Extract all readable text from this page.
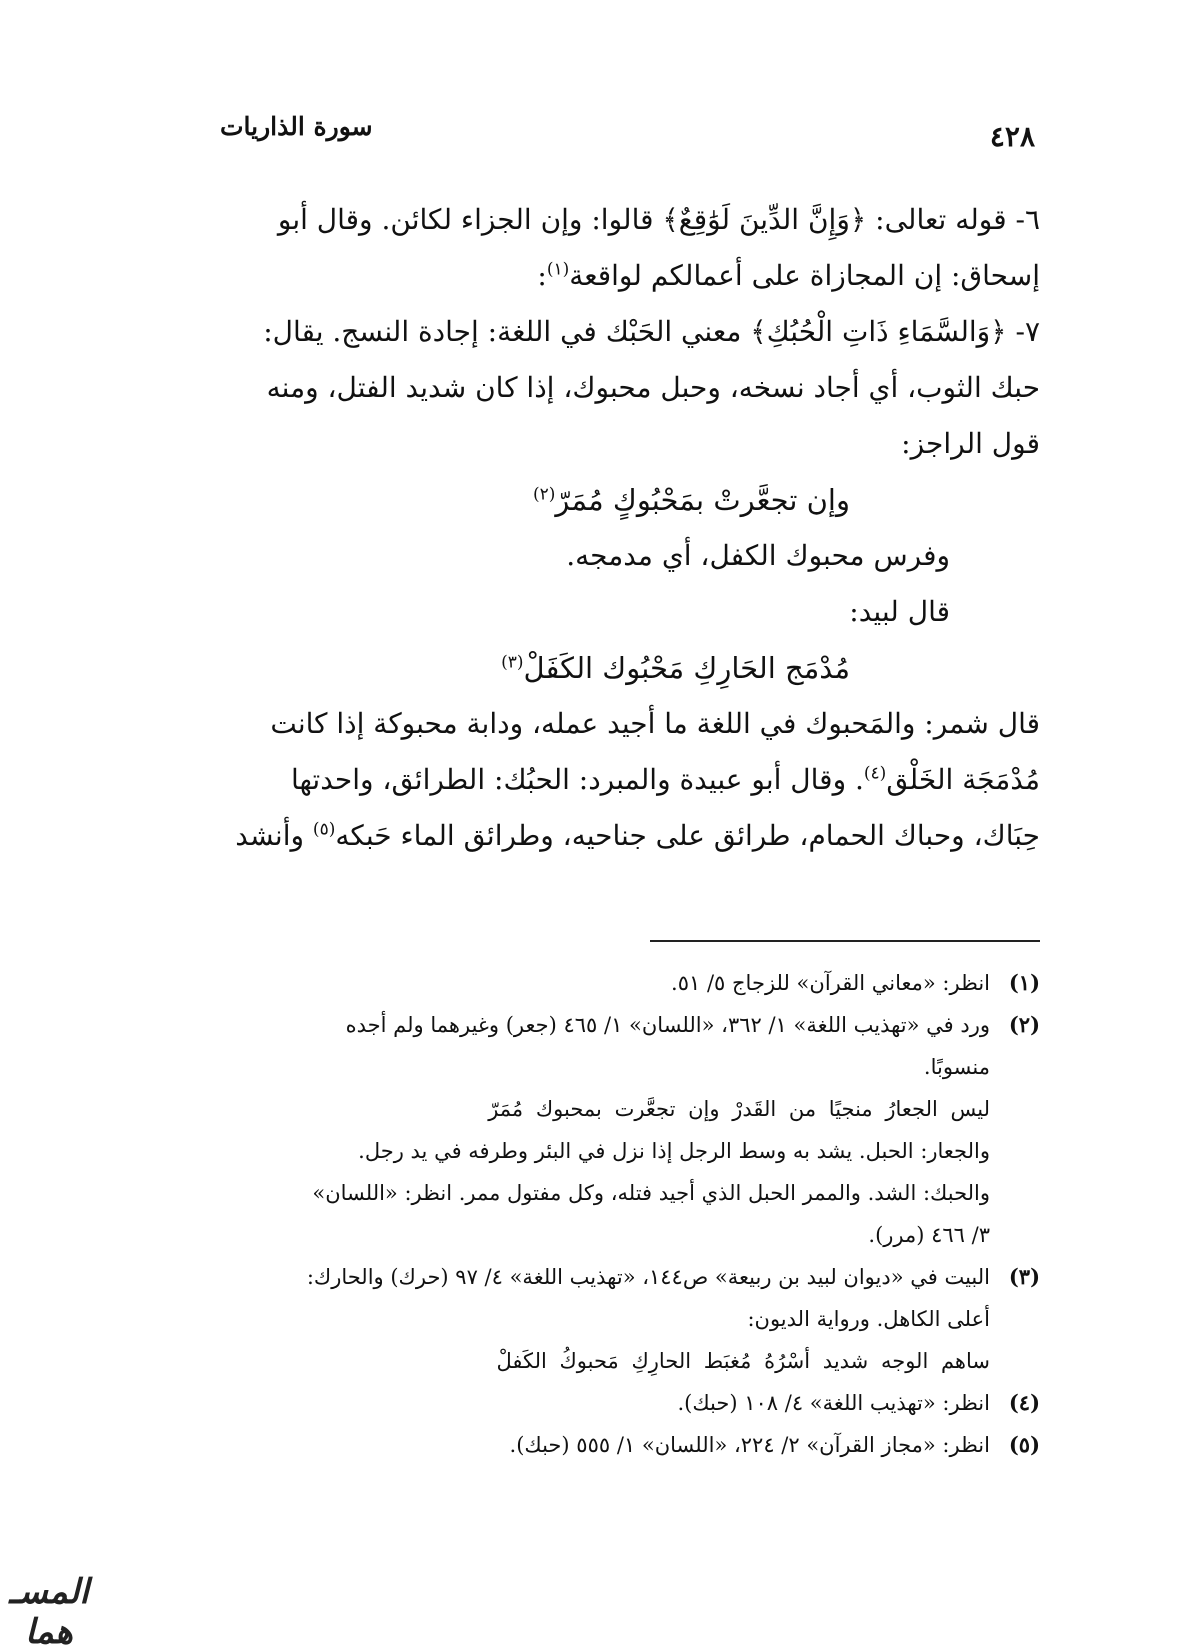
٤٢٨
سورة الذاريات

٦- قوله تعالى: ﴿وَإِنَّ الدِّينَ لَوَٰقِعٌ﴾ قالوا: وإن الجزاء لكائن. وقال أبو

إسحاق: إن المجازاة على أعمالكم لواقعة$^{(١)}$:

٧- ﴿وَالسَّمَاءِ ذَاتِ الْحُبُكِ﴾ معني الحَبْك في اللغة: إجادة النسج. يقال:

حبك الثوب، أي أجاد نسخه، وحبل محبوك، إذا كان شديد الفتل، ومنه

قول الراجز:

وإن تجعَّرتْ بمَحْبُوكٍ مُمَرّ$^{(٢)}$

وفرس محبوك الكفل، أي مدمجه.

قال لبيد:

مُدْمَج الحَارِكِ مَحْبُوك الكَفَلْ$^{(٣)}$

قال شمر: والمَحبوك في اللغة ما أجيد عمله، ودابة محبوكة إذا كانت

مُدْمَجَة الخَلْق$^{(٤)}$. وقال أبو عبيدة والمبرد: الحبُك: الطرائق، واحدتها

حِبَاك، وحباك الحمام، طرائق على جناحيه، وطرائق الماء حَبكه$^{(٥)}$ وأنشد

(١)
انظر: «معاني القرآن» للزجاج ٥/ ٥١.
(٢)
ورد في «تهذيب اللغة» ١/ ٣٦٢، «اللسان» ١/ ٤٦٥ (جعر) وغيرهما ولم أجده
منسوبًا.
ليس الجعارُ منجيًا من القَدرْ وإن تجعَّرت بمحبوك مُمَرّ
والجعار: الحبل. يشد به وسط الرجل إذا نزل في البئر وطرفه في يد رجل.
والحبك: الشد. والممر الحبل الذي أجيد فتله، وكل مفتول ممر. انظر: «اللسان»
٣/ ٤٦٦ (مرر).
(٣)
البيت في «ديوان لبيد بن ربيعة» ص١٤٤، «تهذيب اللغة» ٤/ ٩٧ (حرك) والحارك:
أعلى الكاهل. ورواية الديون:
ساهم الوجه شديد أسْرُهُ مُغبَط الحارِكِ مَحبوكُ الكَفلْ
(٤)
انظر: «تهذيب اللغة» ٤/ ١٠٨ (حبك).
(٥)
انظر: «مجاز القرآن» ٢/ ٢٢٤، «اللسان» ١/ ٥٥٥ (حبك).
المسـ هما
